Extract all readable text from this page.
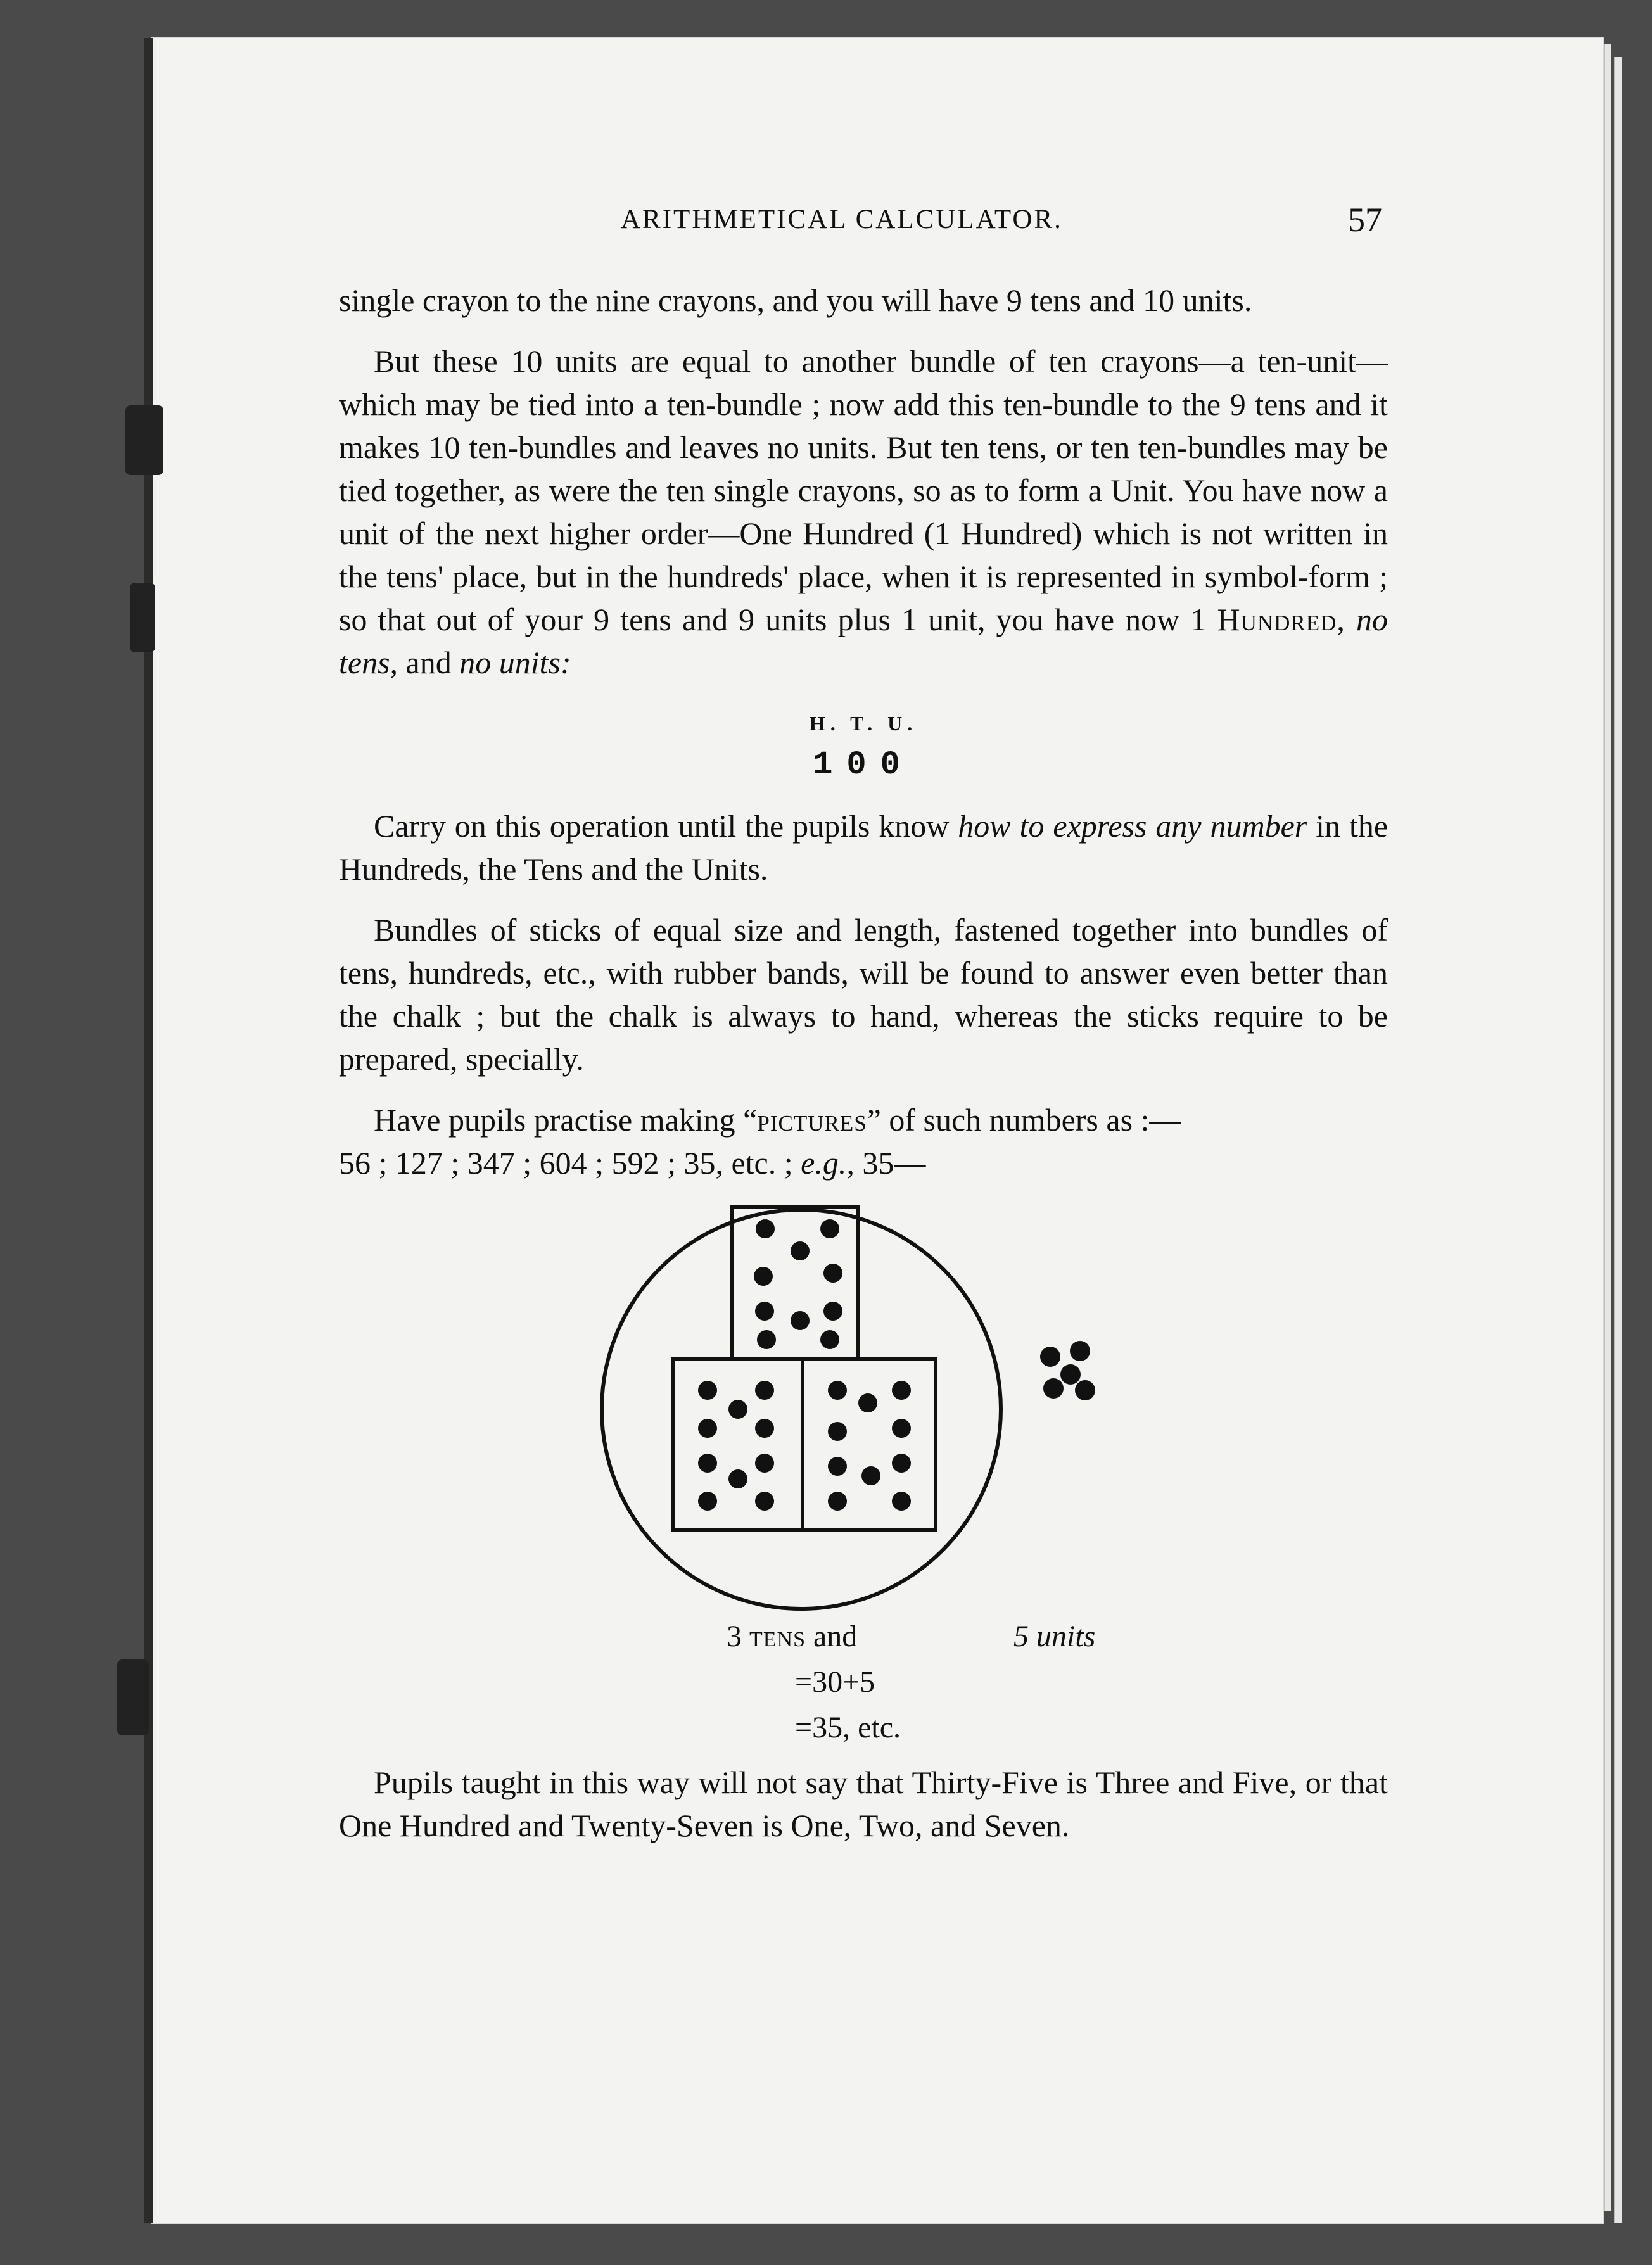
ARITHMETICAL CALCULATOR.	57

single crayon to the nine crayons, and you will have 9 tens and 10 units.

But these 10 units are equal to another bundle of ten crayons—a ten-unit—which may be tied into a ten-bundle ; now add this ten-bundle to the 9 tens and it makes 10 ten-bundles and leaves no units. But ten tens, or ten ten-bundles may be tied together, as were the ten single crayons, so as to form a Unit. You have now a unit of the next higher order—One Hundred (1 Hundred) which is not written in the tens' place, but in the hundreds' place, when it is represented in symbol-form ; so that out of your 9 tens and 9 units plus 1 unit, you have now 1 Hundred, no tens, and no units:

H. T. U.
100

Carry on this operation until the pupils know how to express any number in the Hundreds, the Tens and the Units.

Bundles of sticks of equal size and length, fastened together into bundles of tens, hundreds, etc., with rubber bands, will be found to answer even better than the chalk ; but the chalk is always to hand, whereas the sticks require to be prepared, specially.

Have pupils practise making “pictures” of such numbers as :—
56 ; 127 ; 347 ; 604 ; 592 ; 35, etc. ; e.g., 35—

3 tens and	5 units
=30+5
=35, etc.

Pupils taught in this way will not say that Thirty-Five is Three and Five, or that One Hundred and Twenty-Seven is One, Two, and Seven.
